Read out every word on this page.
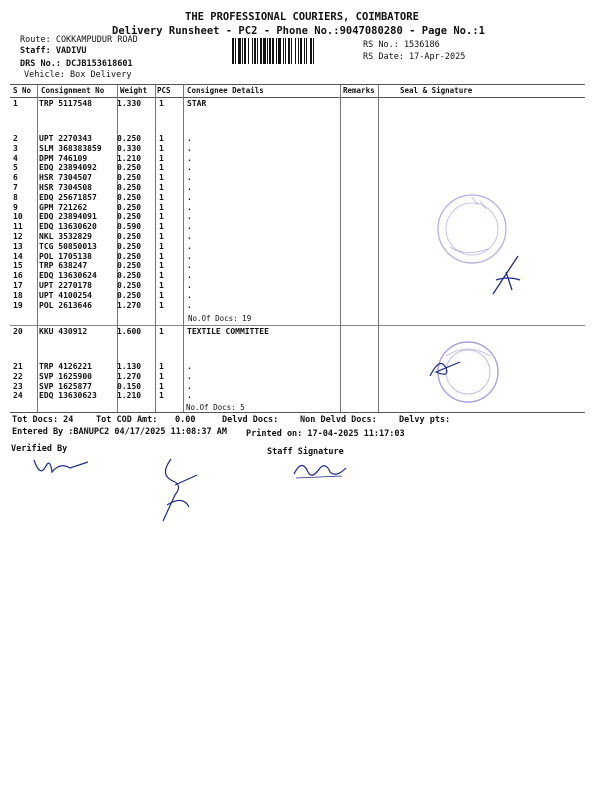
THE PROFESSIONAL COURIERS, COIMBATORE
Delivery Runsheet - PC2 - Phone No.:9047080280 - Page No.:1
Route: COKKAMPUDUR ROAD
Staff: VADIVU
DRS No.: DCJB153618601
Vehicle: Box Delivery
RS No.: 1536186
RS Date: 17-Apr-2025
S No Consignment No Weight PCS Consignee Details	Remarks	Seal & Signature
1	TRP 5117548	1.330 1	STAR
2	UPT 2270343	0.250 1	.
3	SLM 368383859 0.330 1	.
4	DPM 746109	1.210 1	.
5	EDQ 23894092	0.250 1	.
6	HSR 7304507	0.250 1	.
7	HSR 7304508	0.250 1	.
8	EDQ 25671857	0.250 1	.
9	GPM 721262	0.250 1	.
10 EDQ 23894091	0.250 1	.
11 EDQ 13630620	0.590 1	.
12 NKL 3532829	0.250 1	.
13 TCG 50850013	0.250 1	.
14 POL 1705138	0.250 1	.
15 TRP 638247	0.250 1	.
16 EDQ 13630624	0.250 1	.
17 UPT 2270178	0.250 1	.
18 UPT 4100254	0.250 1	.
19 POL 2613646	1.270 1	.
No.Of Docs: 19
20 KKU 430912	1.600 1	TEXTILE COMMITTEE
21 TRP 4126221	1.130 1	.
22 SVP 1625900	1.270 1	.
23 SVP 1625877	0.150 1	.
24 EDQ 13630623	1.210 1	.
No.Of Docs: 5
Tot Docs: 24	Tot COD Amt: 0.00	Delvd Docs:	Non Delvd Docs:	Delvy pts:
Entered By :BANUPC2 04/17/2025 11:08:37 AM Printed on: 17-04-2025 11:17:03
Verified By	Staff Signature
